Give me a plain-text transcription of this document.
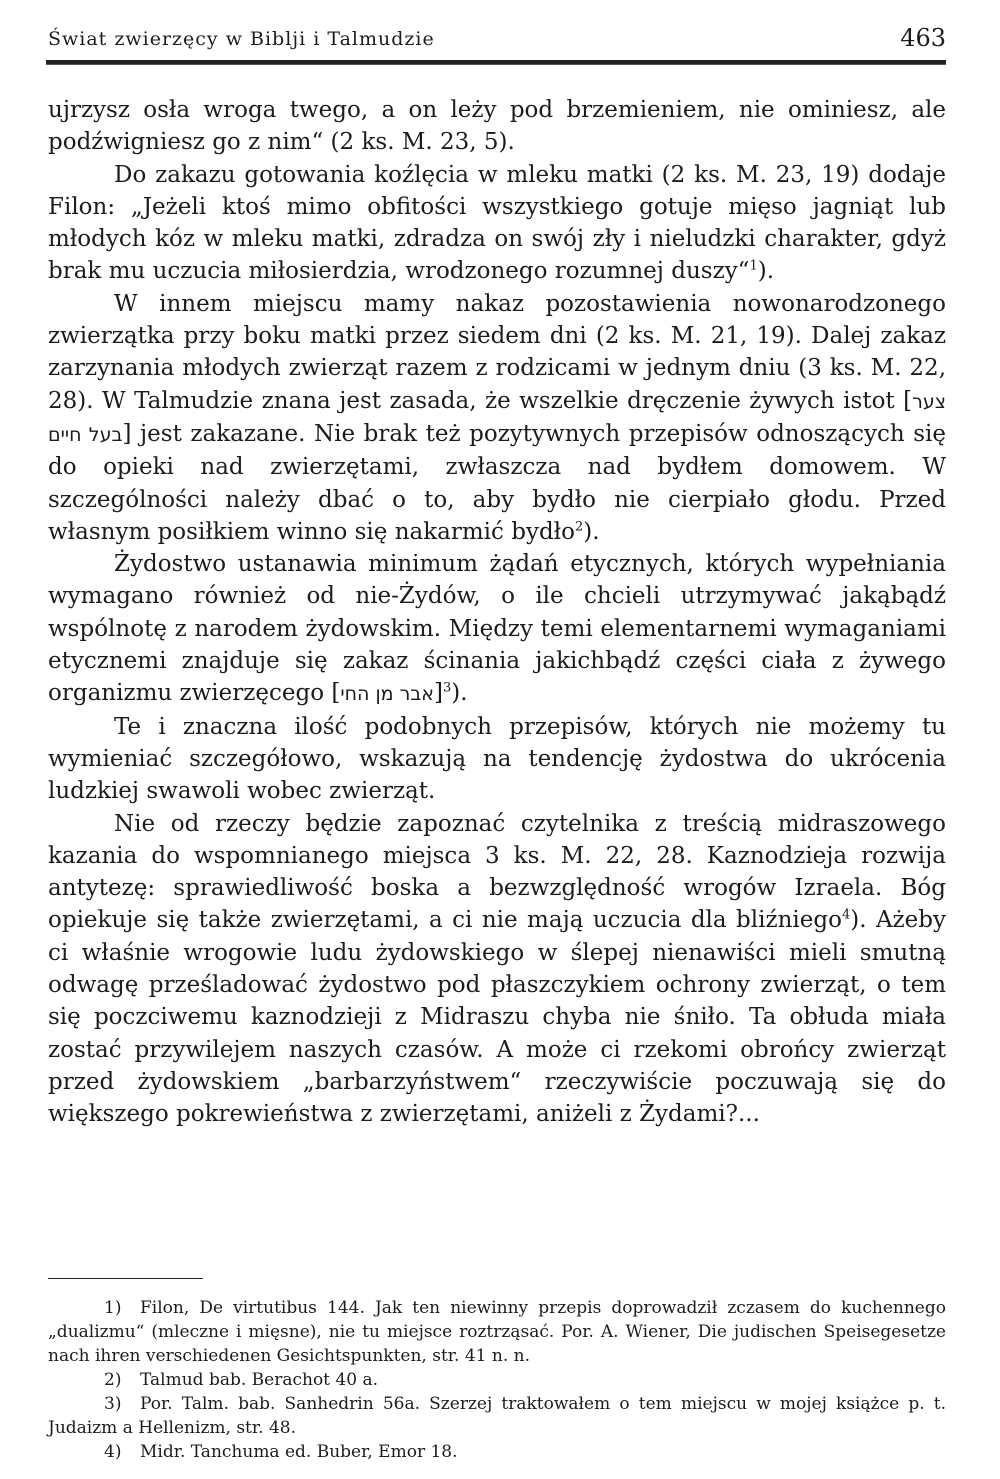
Świat zwierzęcy w Biblji i Talmudzie	463

ujrzysz osła wroga twego, a on leży pod brzemieniem, nie ominiesz, ale podźwigniesz go z nim“ (2 ks. M. 23, 5).

Do zakazu gotowania koźlęcia w mleku matki (2 ks. M. 23, 19) dodaje Filon: „Jeżeli ktoś mimo obfitości wszystkiego gotuje mięso jagniąt lub młodych kóz w mleku matki, zdradza on swój zły i nieludzki charakter, gdyż brak mu uczucia miłosierdzia, wrodzonego rozumnej duszy“$^1$).

W innem miejscu mamy nakaz pozostawienia nowonarodzonego zwierzątka przy boku matki przez siedem dni (2 ks. M. 21, 19). Dalej zakaz zarzynania młodych zwierząt razem z rodzicami w jednym dniu (3 ks. M. 22, 28). W Talmudzie znana jest zasada, że wszelkie dręczenie żywych istot [צער בעל חיים] jest zakazane. Nie brak też pozytywnych przepisów odnoszących się do opieki nad zwierzętami, zwłaszcza nad bydłem domowem. W szczególności należy dbać o to, aby bydło nie cierpiało głodu. Przed własnym posiłkiem winno się nakarmić bydło$^2$).

Żydostwo ustanawia minimum żądań etycznych, których wypełniania wymagano również od nie-Żydów, o ile chcieli utrzymywać jakąbądź wspólnotę z narodem żydowskim. Między temi elementarnemi wymaganiami etycznemi znajduje się zakaz ścinania jakichbądź części ciała z żywego organizmu zwierzęcego [אבר מן החי]$^3$).

Te i znaczna ilość podobnych przepisów, których nie możemy tu wymieniać szczegółowo, wskazują na tendencję żydostwa do ukrócenia ludzkiej swawoli wobec zwierząt.

Nie od rzeczy będzie zapoznać czytelnika z treścią midraszowego kazania do wspomnianego miejsca 3 ks. M. 22, 28. Kaznodzieja rozwija antytezę: sprawiedliwość boska a bezwzględność wrogów Izraela. Bóg opiekuje się także zwierzętami, a ci nie mają uczucia dla bliźniego$^4$). Ażeby ci właśnie wrogowie ludu żydowskiego w ślepej nienawiści mieli smutną odwagę prześladować żydostwo pod płaszczykiem ochrony zwierząt, o tem się poczciwemu kaznodzieji z Midraszu chyba nie śniło. Ta obłuda miała zostać przywilejem naszych czasów. A może ci rzekomi obrońcy zwierząt przed żydowskiem „barbarzyństwem“ rzeczywiście poczuwają się do większego pokrewieństwa z zwierzętami, aniżeli z Żydami?...

1) Filon, De virtutibus 144. Jak ten niewinny przepis doprowadził zczasem do kuchennego „dualizmu“ (mleczne i mięsne), nie tu miejsce roztrząsać. Por. A. Wiener, Die judischen Speisegesetze nach ihren verschiedenen Gesichtspunkten, str. 41 n. n.

2) Talmud bab. Berachot 40 a.

3) Por. Talm. bab. Sanhedrin 56a. Szerzej traktowałem o tem miejscu w mojej książce p. t. Judaizm a Hellenizm, str. 48.

4) Midr. Tanchuma ed. Buber, Emor 18.
